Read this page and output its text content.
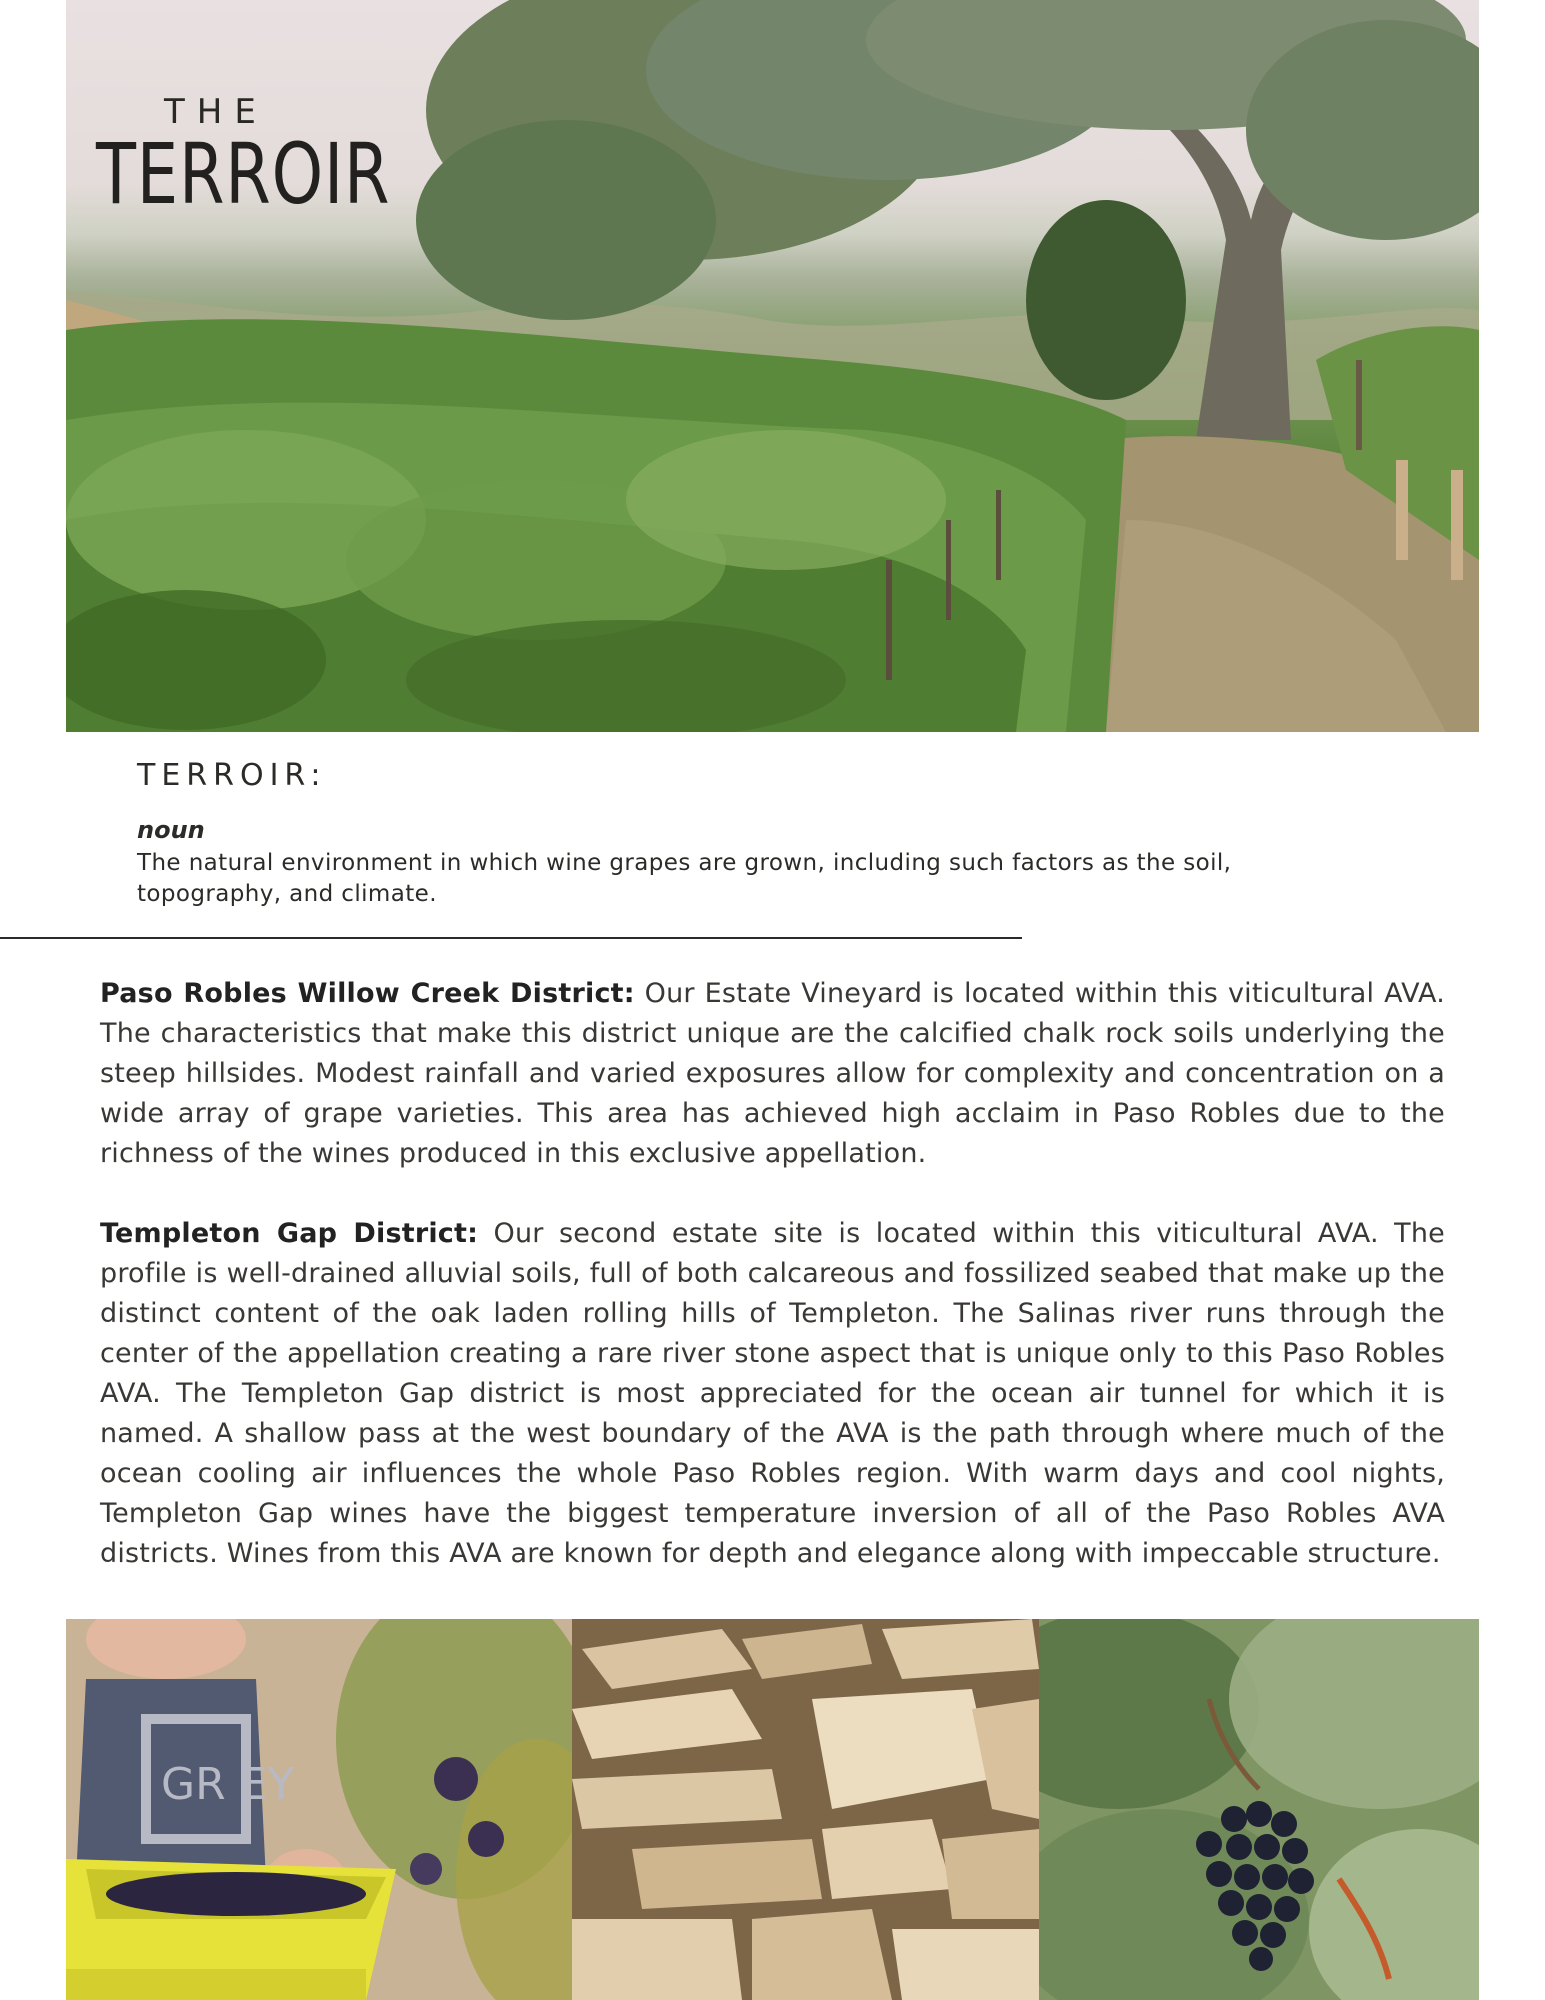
THE
TERROIR
TERROIR:
noun
The natural environment in which wine grapes are grown, including such factors as the soil, topography, and climate.

Paso Robles Willow Creek District: Our Estate Vineyard is located within this viticultural AVA. The characteristics that make this district unique are the calcified chalk rock soils underlying the steep hillsides. Modest rainfall and varied exposures allow for complexity and concentration on a wide array of grape varieties. This area has achieved high acclaim in Paso Robles due to the richness of the wines produced in this exclusive appellation.

Templeton Gap District: Our second estate site is located within this viticultural AVA. The profile is well-drained alluvial soils, full of both calcareous and fossilized seabed that make up the distinct content of the oak laden rolling hills of Templeton. The Salinas river runs through the center of the appellation creating a rare river stone aspect that is unique only to this Paso Robles AVA. The Templeton Gap district is most appreciated for the ocean air tunnel for which it is named. A shallow pass at the west boundary of the AVA is the path through where much of the ocean cooling air influences the whole Paso Robles region. With warm days and cool nights, Templeton Gap wines have the biggest temperature inversion of all of the Paso Robles AVA districts. Wines from this AVA are known for depth and elegance along with impeccable structure.

GR EY
